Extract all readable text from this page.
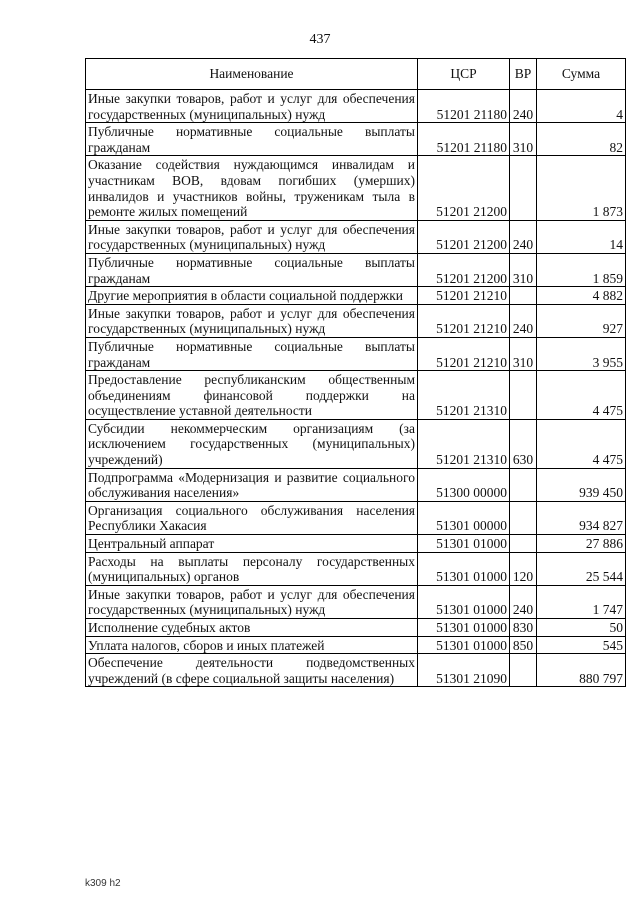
437
Наименование	ЦСР	ВР	Сумма
Иные закупки товаров, работ и услуг для обеспечения государственных (муниципальных) нужд	51201 21180	240	4
Публичные нормативные социальные выплаты гражданам	51201 21180	310	82
Оказание содействия нуждающимся инвалидам и участникам ВОВ, вдовам погибших (умерших) инвалидов и участников войны, труженикам тыла в ремонте жилых помещений	51201 21200		1 873
Иные закупки товаров, работ и услуг для обеспечения государственных (муниципальных) нужд	51201 21200	240	14
Публичные нормативные социальные выплаты гражданам	51201 21200	310	1 859
Другие мероприятия в области социальной поддержки	51201 21210		4 882
Иные закупки товаров, работ и услуг для обеспечения государственных (муниципальных) нужд	51201 21210	240	927
Публичные нормативные социальные выплаты гражданам	51201 21210	310	3 955
Предоставление республиканским общественным объединениям финансовой поддержки на осуществление уставной деятельности	51201 21310		4 475
Субсидии некоммерческим организациям (за исключением государственных (муниципальных) учреждений)	51201 21310	630	4 475
Подпрограмма «Модернизация и развитие социального обслуживания населения»	51300 00000		939 450
Организация социального обслуживания населения Республики Хакасия	51301 00000		934 827
Центральный аппарат	51301 01000		27 886
Расходы на выплаты персоналу государственных (муниципальных) органов	51301 01000	120	25 544
Иные закупки товаров, работ и услуг для обеспечения государственных (муниципальных) нужд	51301 01000	240	1 747
Исполнение судебных актов	51301 01000	830	50
Уплата налогов, сборов и иных платежей	51301 01000	850	545
Обеспечение деятельности подведомственных учреждений (в сфере социальной защиты населения)	51301 21090		880 797
k309 h2
